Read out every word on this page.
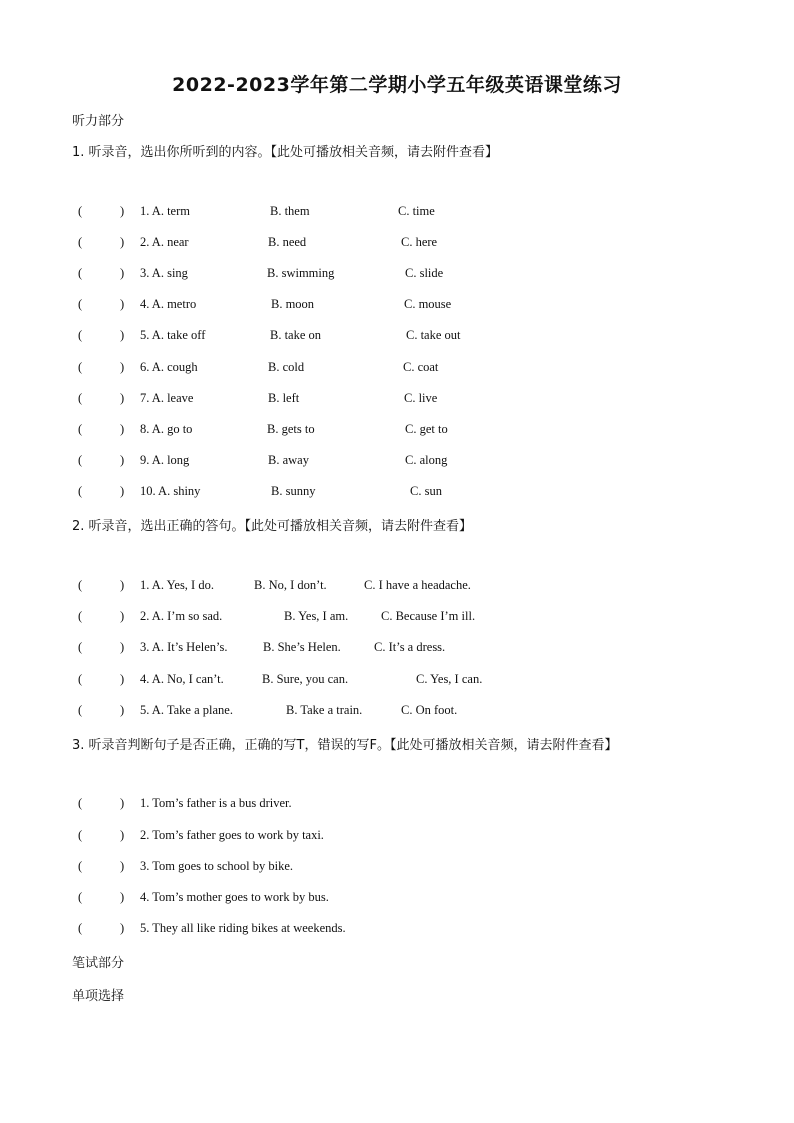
2022-2023学年第二学期小学五年级英语课堂练习
听力部分
1. 听录音，选出你所听到的内容。【此处可播放相关音频，请去附件查看】
(	) 1. A. term	B. them	C. time
(	) 2. A. near	B. need	C. here
(	) 3. A. sing	B. swimming	C. slide
(	) 4. A. metro	B. moon	C. mouse
(	) 5. A. take off	B. take on	C. take out
(	) 6. A. cough	B. cold	C. coat
(	) 7. A. leave	B. left	C. live
(	) 8. A. go to	B. gets to	C. get to
(	) 9. A. long	B. away	C. along
(	) 10. A. shiny	B. sunny	C. sun
2. 听录音，选出正确的答句。【此处可播放相关音频，请去附件查看】
(	) 1. A. Yes, I do.	B. No, I don’t.	C. I have a headache.
(	) 2. A. I’m so sad.	B. Yes, I am.	C. Because I’m ill.
(	) 3. A. It’s Helen’s.	B. She’s Helen.	C. It’s a dress.
(	) 4. A. No, I can’t.	B. Sure, you can.	C. Yes, I can.
(	) 5. A. Take a plane.	B. Take a train.	C. On foot.
3. 听录音判断句子是否正确，正确的写T，错误的写F。【此处可播放相关音频，请去附件查看】
(	) 1. Tom’s father is a bus driver.
(	) 2. Tom’s father goes to work by taxi.
(	) 3. Tom goes to school by bike.
(	) 4. Tom’s mother goes to work by bus.
(	) 5. They all like riding bikes at weekends.
笔试部分
单项选择
